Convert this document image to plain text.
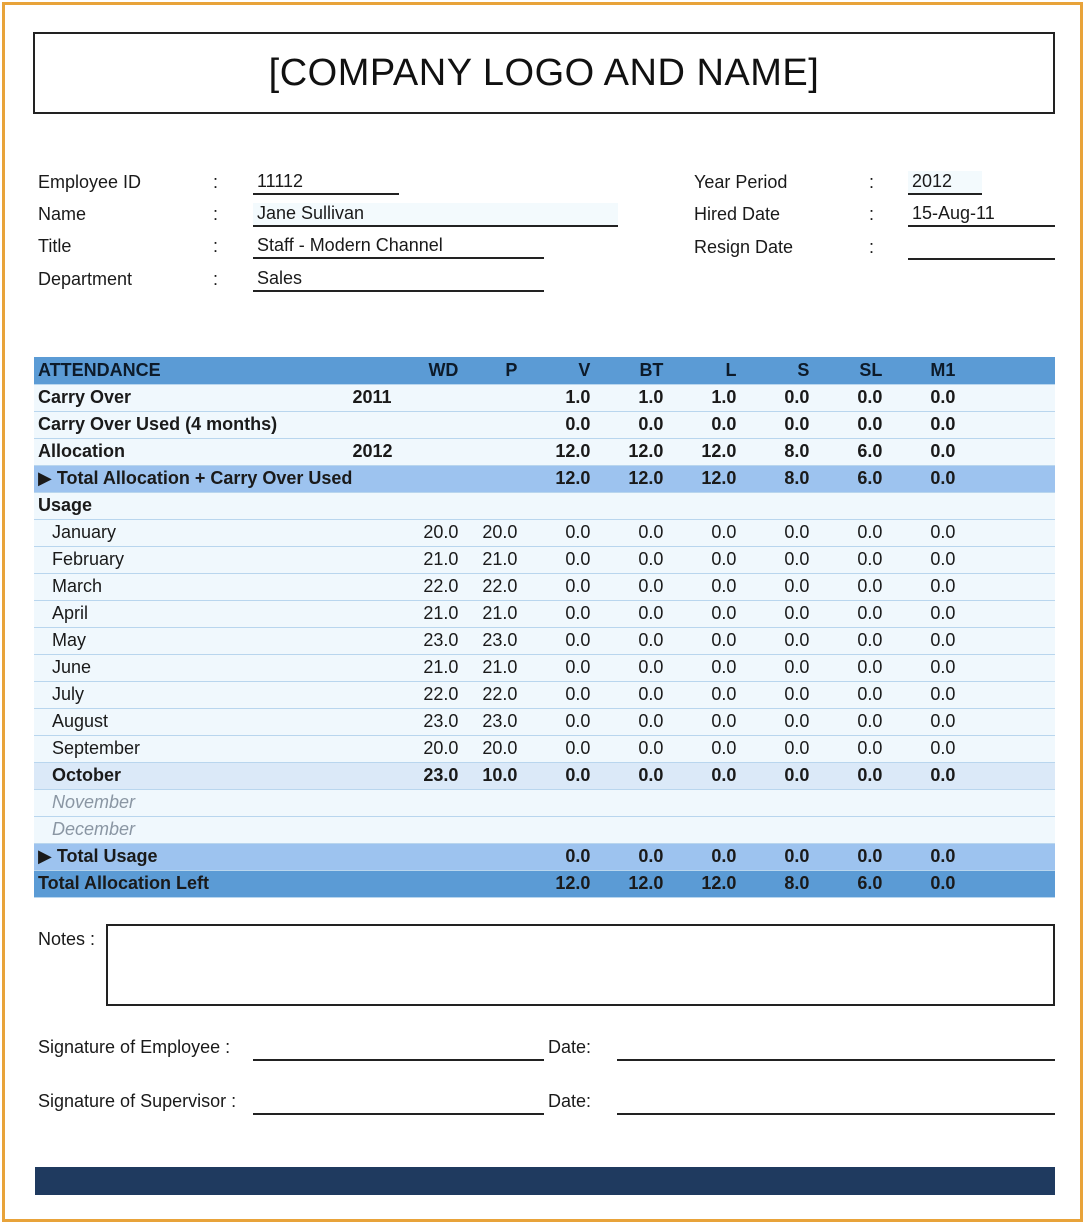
[COMPANY LOGO AND NAME]
Employee ID	: 11112
Name	: Jane Sullivan
Title	: Staff - Modern Channel
Department	: Sales
Year Period	: 2012
Hired Date	: 15-Aug-11
Resign Date	:
ATTENDANCE		WD	P	V	BT	L	S	SL	M1	
Carry Over	2011			1.0	1.0	1.0	0.0	0.0	0.0	
Carry Over Used (4 months)				0.0	0.0	0.0	0.0	0.0	0.0	
Allocation	2012			12.0	12.0	12.0	8.0	6.0	0.0	
▶ Total Allocation + Carry Over Used				12.0	12.0	12.0	8.0	6.0	0.0	
Usage										
January		20.0	20.0	0.0	0.0	0.0	0.0	0.0	0.0	
February		21.0	21.0	0.0	0.0	0.0	0.0	0.0	0.0	
March		22.0	22.0	0.0	0.0	0.0	0.0	0.0	0.0	
April		21.0	21.0	0.0	0.0	0.0	0.0	0.0	0.0	
May		23.0	23.0	0.0	0.0	0.0	0.0	0.0	0.0	
June		21.0	21.0	0.0	0.0	0.0	0.0	0.0	0.0	
July		22.0	22.0	0.0	0.0	0.0	0.0	0.0	0.0	
August		23.0	23.0	0.0	0.0	0.0	0.0	0.0	0.0	
September		20.0	20.0	0.0	0.0	0.0	0.0	0.0	0.0	
October		23.0	10.0	0.0	0.0	0.0	0.0	0.0	0.0	
November										
December										
▶ Total Usage				0.0	0.0	0.0	0.0	0.0	0.0	
Total Allocation Left				12.0	12.0	12.0	8.0	6.0	0.0	
Notes :
Signature of Employee :	Date:
Signature of Supervisor :	Date:
